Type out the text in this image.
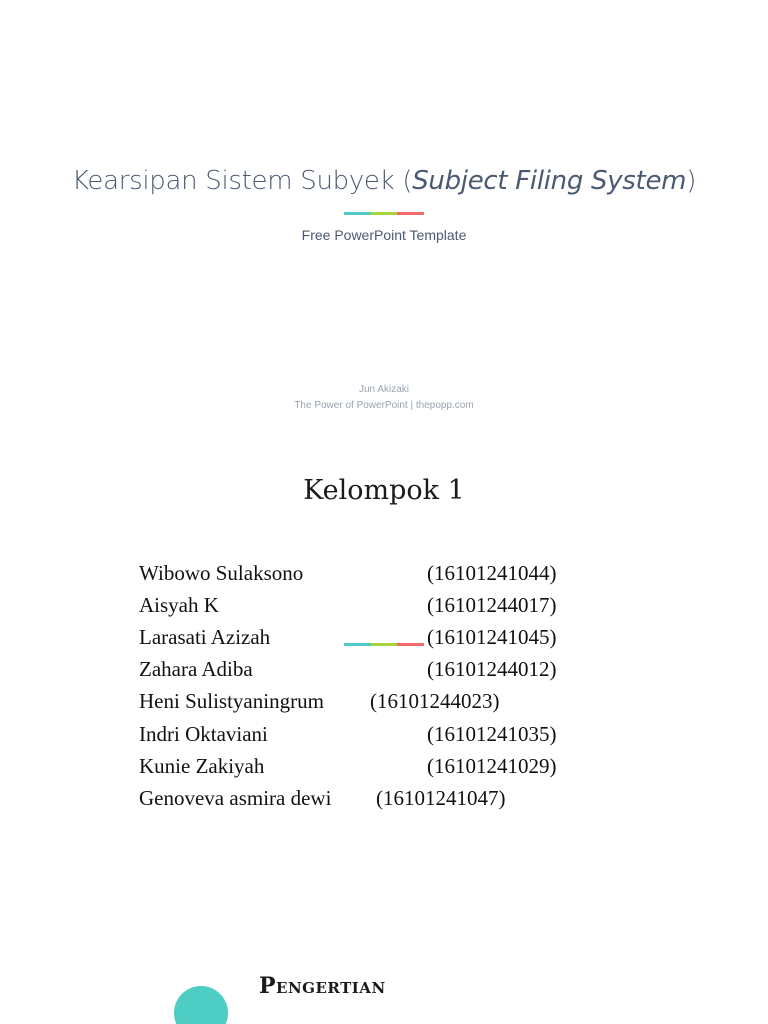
Kearsipan Sistem Subyek (Subject Filing System)
Free PowerPoint Template
Jun Akizaki
The Power of PowerPoint | thepopp.com
Kelompok 1
Wibowo Sulaksono	(16101241044)
Aisyah K	(16101244017)
Larasati Azizah	(16101241045)
Zahara Adiba	(16101244012)
Heni Sulistyaningrum (16101244023)
Indri Oktaviani	(16101241035)
Kunie Zakiyah	(16101241029)
Genoveva asmira dewi (16101241047)
Pengertian
